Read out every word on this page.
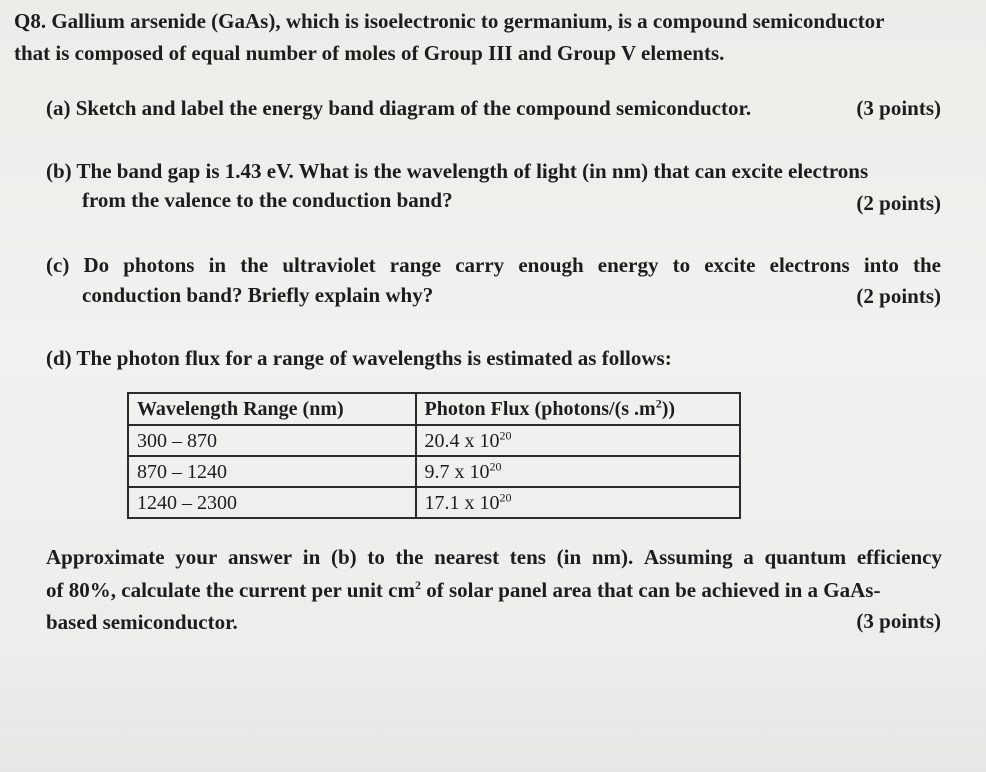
Q8. Gallium arsenide (GaAs), which is isoelectronic to germanium, is a compound semiconductor
that is composed of equal number of moles of Group III and Group V elements.
(a) Sketch and label the energy band diagram of the compound semiconductor.	(3 points)
(b) The band gap is 1.43 eV. What is the wavelength of light (in nm) that can excite electrons
from the valence to the conduction band?	(2 points)
(c) Do photons in the ultraviolet range carry enough energy to excite electrons into the
conduction band? Briefly explain why?	(2 points)
(d) The photon flux for a range of wavelengths is estimated as follows:
Wavelength Range (nm)	Photon Flux (photons/(s $.m^2$))
300 – 870	20.4 x $10^{20}$
870 – 1240	9.7 x $10^{20}$
1240 – 2300	17.1 x $10^{20}$
Approximate your answer in (b) to the nearest tens (in nm). Assuming a quantum efficiency
of 80%, calculate the current per unit $cm^2$ of solar panel area that can be achieved in a GaAs-
based semiconductor.	(3 points)
